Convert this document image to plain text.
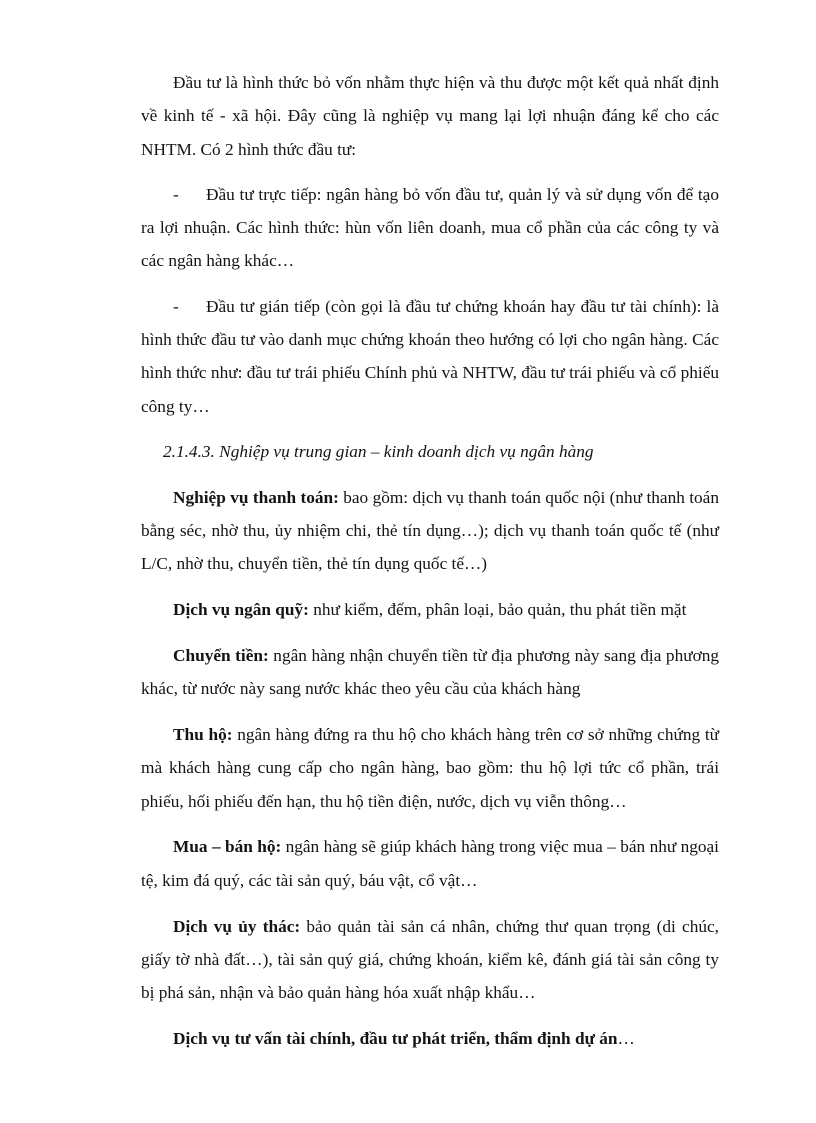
Đầu tư là hình thức bỏ vốn nhằm thực hiện và thu được một kết quả nhất định về kinh tế - xã hội. Đây cũng là nghiệp vụ mang lại lợi nhuận đáng kể cho các NHTM. Có 2 hình thức đầu tư:

- Đầu tư trực tiếp: ngân hàng bỏ vốn đầu tư, quản lý và sử dụng vốn để tạo ra lợi nhuận. Các hình thức: hùn vốn liên doanh, mua cổ phần của các công ty và các ngân hàng khác…

- Đầu tư gián tiếp (còn gọi là đầu tư chứng khoán hay đầu tư tài chính): là hình thức đầu tư vào danh mục chứng khoán theo hướng có lợi cho ngân hàng. Các hình thức như: đầu tư trái phiếu Chính phủ và NHTW, đầu tư trái phiếu và cổ phiếu công ty…

2.1.4.3. Nghiệp vụ trung gian – kinh doanh dịch vụ ngân hàng

Nghiệp vụ thanh toán: bao gồm: dịch vụ thanh toán quốc nội (như thanh toán bằng séc, nhờ thu, ủy nhiệm chi, thẻ tín dụng…); dịch vụ thanh toán quốc tế (như L/C, nhờ thu, chuyển tiền, thẻ tín dụng quốc tế…)

Dịch vụ ngân quỹ: như kiểm, đếm, phân loại, bảo quản, thu phát tiền mặt

Chuyển tiền: ngân hàng nhận chuyển tiền từ địa phương này sang địa phương khác, từ nước này sang nước khác theo yêu cầu của khách hàng

Thu hộ: ngân hàng đứng ra thu hộ cho khách hàng trên cơ sở những chứng từ mà khách hàng cung cấp cho ngân hàng, bao gồm: thu hộ lợi tức cổ phần, trái phiếu, hối phiếu đến hạn, thu hộ tiền điện, nước, dịch vụ viễn thông…

Mua – bán hộ: ngân hàng sẽ giúp khách hàng trong việc mua – bán như ngoại tệ, kim đá quý, các tài sản quý, báu vật, cổ vật…

Dịch vụ ủy thác: bảo quản tài sản cá nhân, chứng thư quan trọng (di chúc, giấy tờ nhà đất…), tài sản quý giá, chứng khoán, kiểm kê, đánh giá tài sản công ty bị phá sản, nhận và bảo quản hàng hóa xuất nhập khẩu…

Dịch vụ tư vấn tài chính, đầu tư phát triển, thẩm định dự án…
